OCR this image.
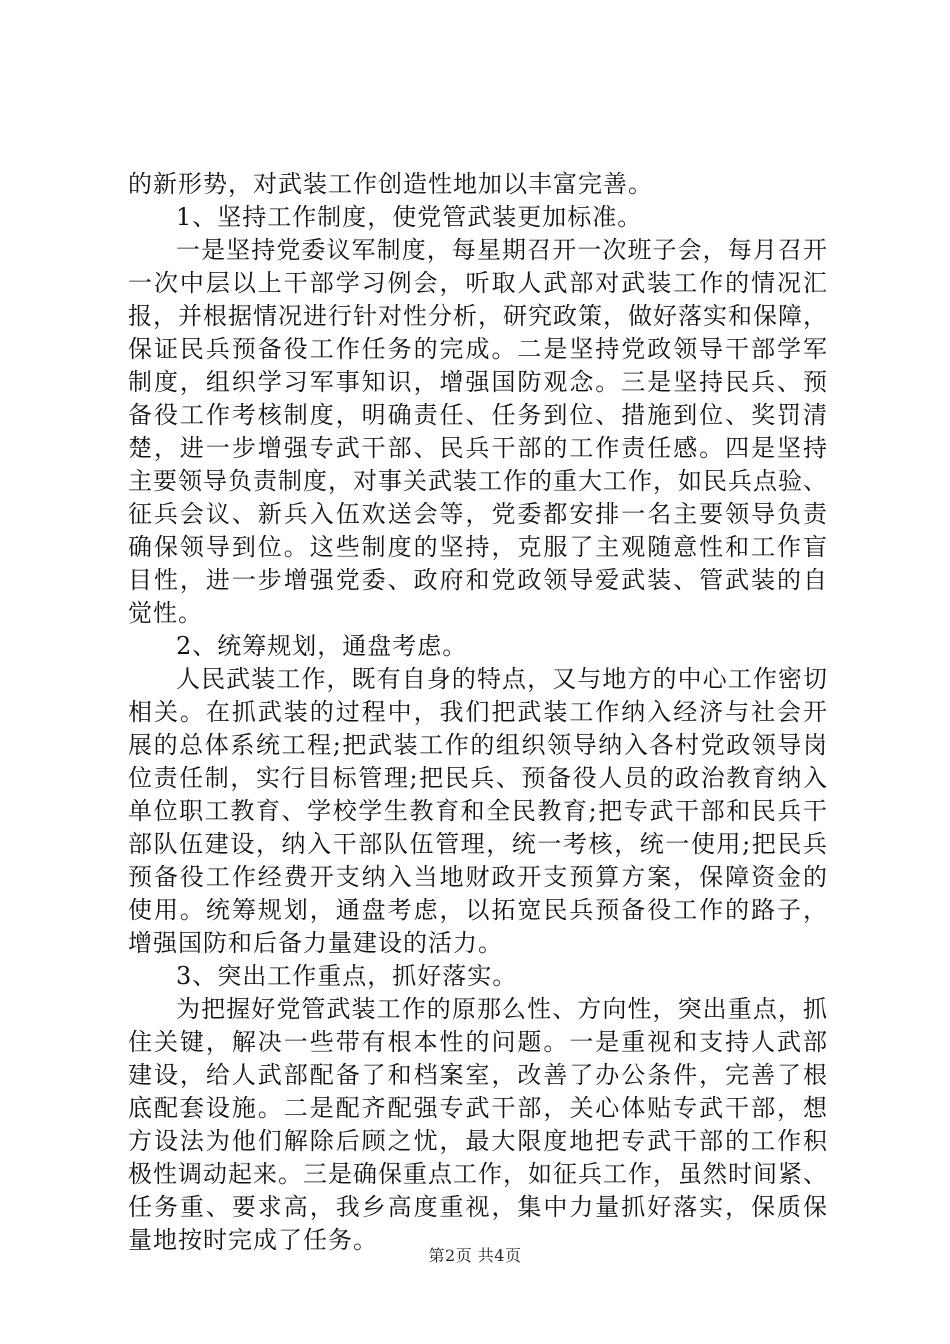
的新形势，对武装工作创造性地加以丰富完善。
1、坚持工作制度，使党管武装更加标准。
一是坚持党委议军制度，每星期召开一次班子会，每月召开
一次中层以上干部学习例会，听取人武部对武装工作的情况汇
报，并根据情况进行针对性分析，研究政策，做好落实和保障，
保证民兵预备役工作任务的完成。二是坚持党政领导干部学军
制度，组织学习军事知识，增强国防观念。三是坚持民兵、预
备役工作考核制度，明确责任、任务到位、措施到位、奖罚清
楚，进一步增强专武干部、民兵干部的工作责任感。四是坚持
主要领导负责制度，对事关武装工作的重大工作，如民兵点验、
征兵会议、新兵入伍欢送会等，党委都安排一名主要领导负责
确保领导到位。这些制度的坚持，克服了主观随意性和工作盲
目性，进一步增强党委、政府和党政领导爱武装、管武装的自
觉性。
2、统筹规划，通盘考虑。
人民武装工作，既有自身的特点，又与地方的中心工作密切
相关。在抓武装的过程中，我们把武装工作纳入经济与社会开
展的总体系统工程;把武装工作的组织领导纳入各村党政领导岗
位责任制，实行目标管理;把民兵、预备役人员的政治教育纳入
单位职工教育、学校学生教育和全民教育;把专武干部和民兵干
部队伍建设，纳入干部队伍管理，统一考核，统一使用;把民兵
预备役工作经费开支纳入当地财政开支预算方案，保障资金的
使用。统筹规划，通盘考虑，以拓宽民兵预备役工作的路子，
增强国防和后备力量建设的活力。
3、突出工作重点，抓好落实。
为把握好党管武装工作的原那么性、方向性，突出重点，抓
住关键，解决一些带有根本性的问题。一是重视和支持人武部
建设，给人武部配备了和档案室，改善了办公条件，完善了根
底配套设施。二是配齐配强专武干部，关心体贴专武干部，想
方设法为他们解除后顾之忧，最大限度地把专武干部的工作积
极性调动起来。三是确保重点工作，如征兵工作，虽然时间紧、
任务重、要求高，我乡高度重视，集中力量抓好落实，保质保
量地按时完成了任务。
第2页 共4页
